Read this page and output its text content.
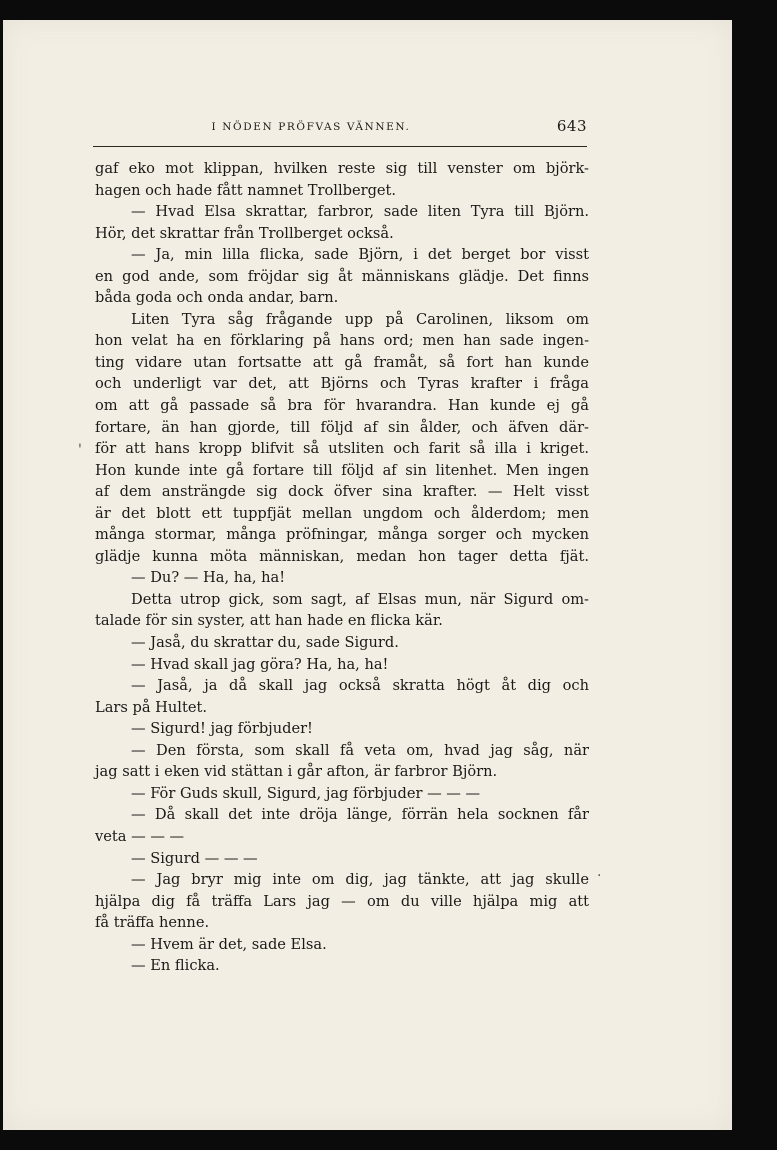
I NÖDEN PRÖFVAS VÄNNEN.	643
gaf eko mot klippan, hvilken reste sig till venster om björk-
hagen och hade fått namnet Trollberget.
— Hvad Elsa skrattar, farbror, sade liten Tyra till Björn.
Hör, det skrattar från Trollberget också.
— Ja, min lilla flicka, sade Björn, i det berget bor visst
en god ande, som fröjdar sig åt människans glädje. Det finns
båda goda och onda andar, barn.
Liten Tyra såg frågande upp på Carolinen, liksom om
hon velat ha en förklaring på hans ord; men han sade ingen-
ting vidare utan fortsatte att gå framåt, så fort han kunde
och underligt var det, att Björns och Tyras krafter i fråga
om att gå passade så bra för hvarandra. Han kunde ej gå
fortare, än han gjorde, till följd af sin ålder, och äfven där-
för att hans kropp blifvit så utsliten och farit så illa i kriget.
Hon kunde inte gå fortare till följd af sin litenhet. Men ingen
af dem ansträngde sig dock öfver sina krafter. — Helt visst
är det blott ett tuppfjät mellan ungdom och ålderdom; men
många stormar, många pröfningar, många sorger och mycken
glädje kunna möta människan, medan hon tager detta fjät.
— Du? — Ha, ha, ha!
Detta utrop gick, som sagt, af Elsas mun, när Sigurd om-
talade för sin syster, att han hade en flicka kär.
— Jaså, du skrattar du, sade Sigurd.
— Hvad skall jag göra? Ha, ha, ha!
— Jaså, ja då skall jag också skratta högt åt dig och
Lars på Hultet.
— Sigurd! jag förbjuder!
— Den första, som skall få veta om, hvad jag såg, när
jag satt i eken vid stättan i går afton, är farbror Björn.
— För Guds skull, Sigurd, jag förbjuder — — —
— Då skall det inte dröja länge, förrän hela socknen får
veta — — —
— Sigurd — — —
— Jag bryr mig inte om dig, jag tänkte, att jag skulle
hjälpa dig få träffa Lars jag — om du ville hjälpa mig att
få träffa henne.
— Hvem är det, sade Elsa.
— En flicka.
'
·
